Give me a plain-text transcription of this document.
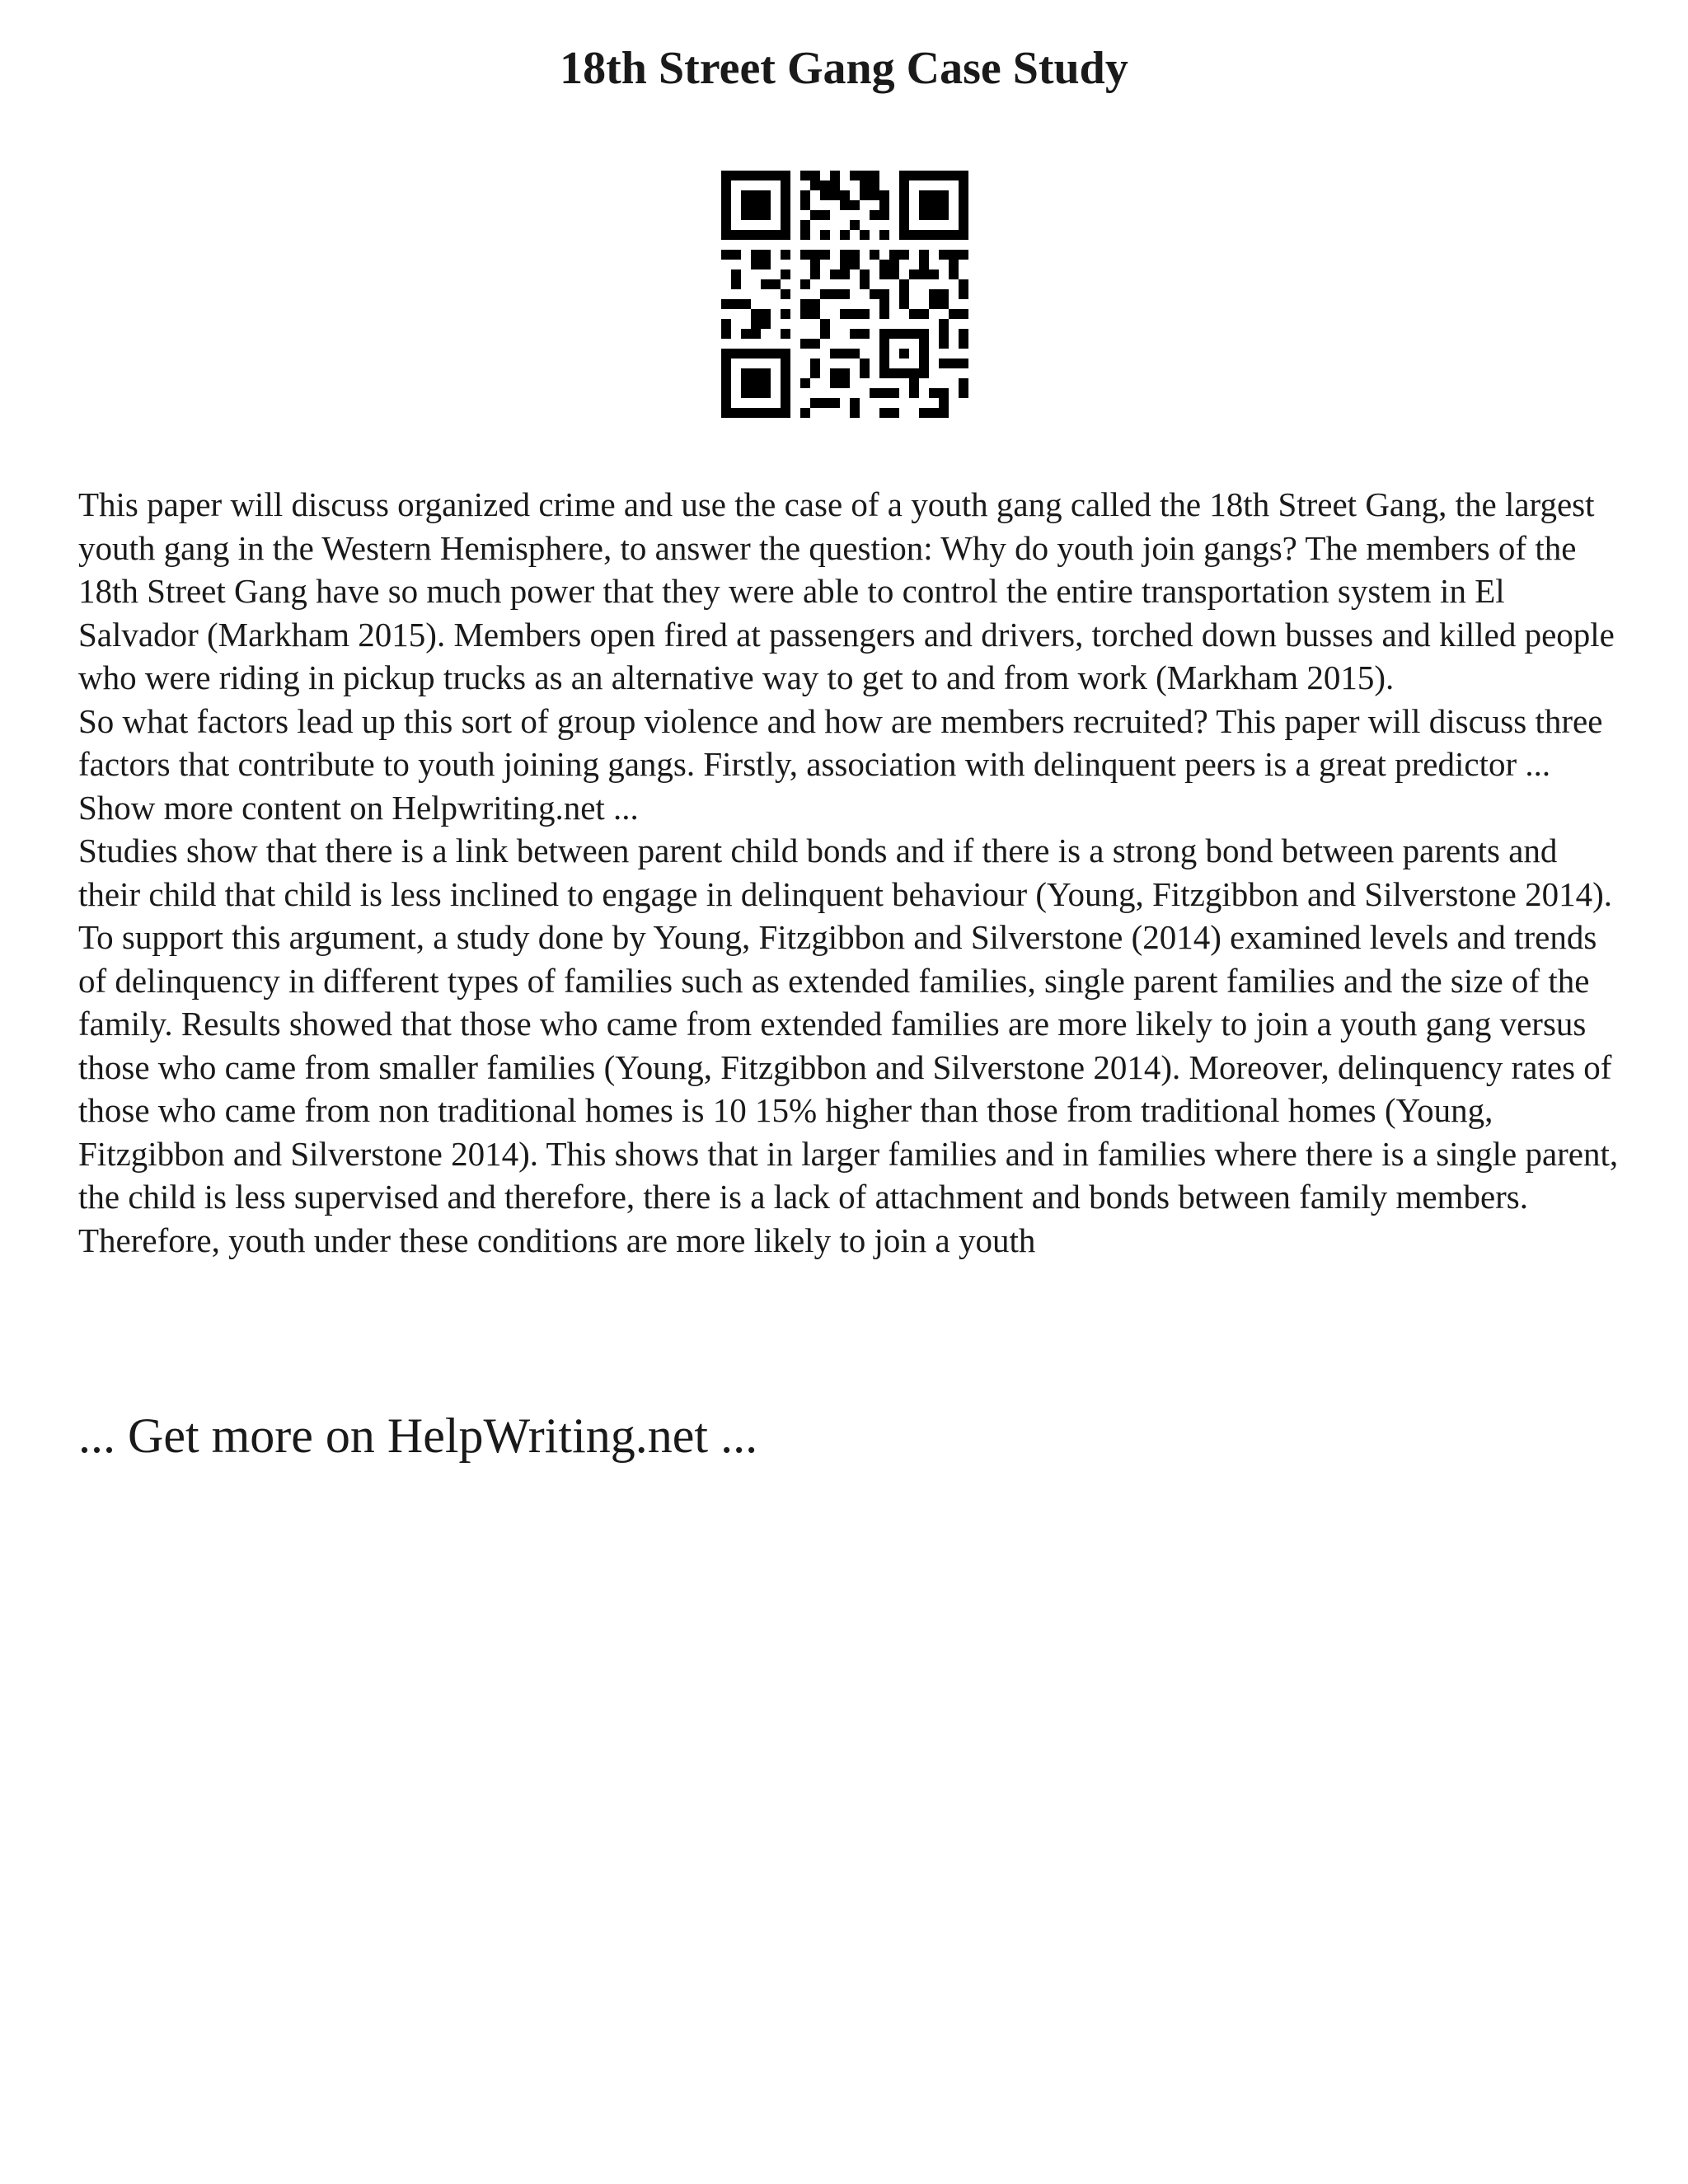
18th Street Gang Case Study

This paper will discuss organized crime and use the case of a youth gang called the 18th Street Gang, the largest youth gang in the Western Hemisphere, to answer the question: Why do youth join gangs? The members of the 18th Street Gang have so much power that they were able to control the entire transportation system in El Salvador (Markham 2015). Members open fired at passengers and drivers, torched down busses and killed people who were riding in pickup trucks as an alternative way to get to and from work (Markham 2015).

So what factors lead up this sort of group violence and how are members recruited? This paper will discuss three factors that contribute to youth joining gangs. Firstly, association with delinquent peers is a great predictor ... Show more content on Helpwriting.net ...

Studies show that there is a link between parent child bonds and if there is a strong bond between parents and their child that child is less inclined to engage in delinquent behaviour (Young, Fitzgibbon and Silverstone 2014). To support this argument, a study done by Young, Fitzgibbon and Silverstone (2014) examined levels and trends of delinquency in different types of families such as extended families, single parent families and the size of the family. Results showed that those who came from extended families are more likely to join a youth gang versus those who came from smaller families (Young, Fitzgibbon and Silverstone 2014). Moreover, delinquency rates of those who came from non traditional homes is 10 15% higher than those from traditional homes (Young, Fitzgibbon and Silverstone 2014). This shows that in larger families and in families where there is a single parent, the child is less supervised and therefore, there is a lack of attachment and bonds between family members. Therefore, youth under these conditions are more likely to join a youth

... Get more on HelpWriting.net ...
